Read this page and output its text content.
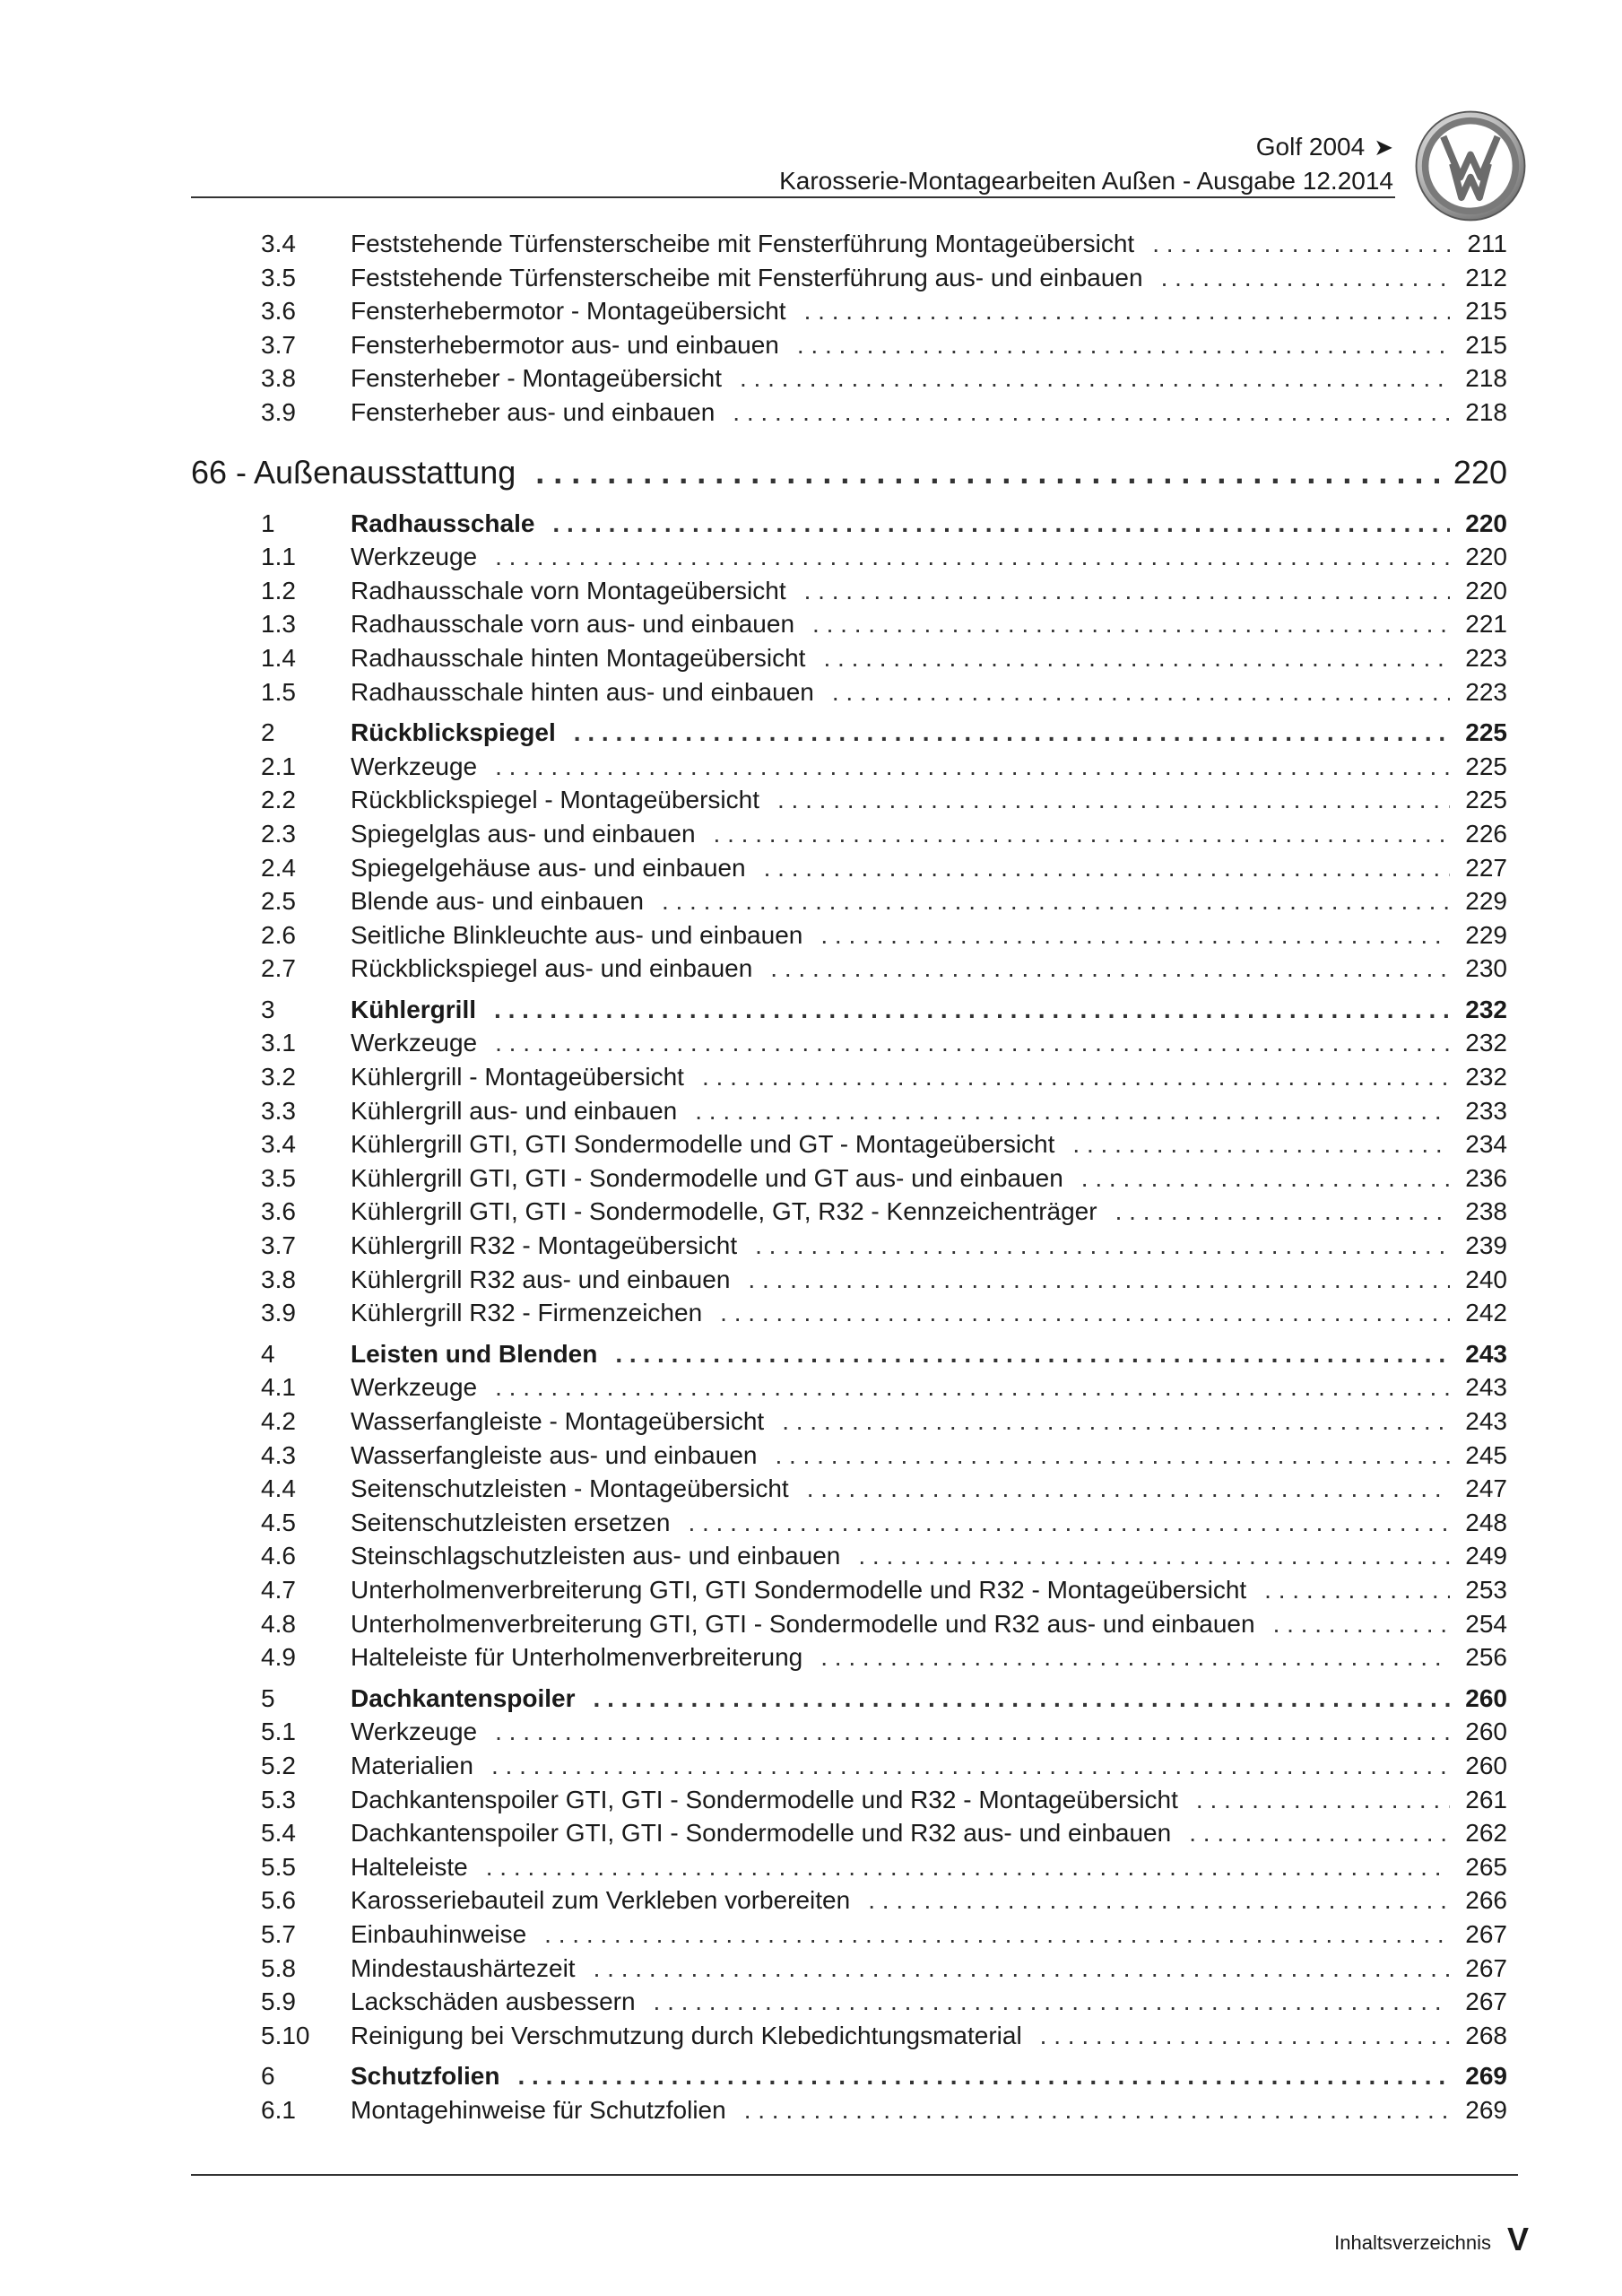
Golf 2004 ➤
Karosserie-Montagearbeiten Außen - Ausgabe 12.2014
3.4	Feststehende Türfensterscheibe mit Fensterführung Montageübersicht . . .	211
3.5	Feststehende Türfensterscheibe mit Fensterführung aus- und einbauen . . .	212
3.6	Fensterhebermotor - Montageübersicht . . .	215
3.7	Fensterhebermotor aus- und einbauen . . .	215
3.8	Fensterheber - Montageübersicht . . .	218
3.9	Fensterheber aus- und einbauen . . .	218
66 - Außenausstattung . . .	220
1	Radhausschale . . .	220
1.1	Werkzeuge . . .	220
1.2	Radhausschale vorn Montageübersicht . . .	220
1.3	Radhausschale vorn aus- und einbauen . . .	221
1.4	Radhausschale hinten Montageübersicht . . .	223
1.5	Radhausschale hinten aus- und einbauen . . .	223
2	Rückblickspiegel . . .	225
2.1	Werkzeuge . . .	225
2.2	Rückblickspiegel - Montageübersicht . . .	225
2.3	Spiegelglas aus- und einbauen . . .	226
2.4	Spiegelgehäuse aus- und einbauen . . .	227
2.5	Blende aus- und einbauen . . .	229
2.6	Seitliche Blinkleuchte aus- und einbauen . . .	229
2.7	Rückblickspiegel aus- und einbauen . . .	230
3	Kühlergrill . . .	232
3.1	Werkzeuge . . .	232
3.2	Kühlergrill - Montageübersicht . . .	232
3.3	Kühlergrill aus- und einbauen . . .	233
3.4	Kühlergrill GTI, GTI Sondermodelle und GT - Montageübersicht . . .	234
3.5	Kühlergrill GTI, GTI - Sondermodelle und GT aus- und einbauen . . .	236
3.6	Kühlergrill GTI, GTI - Sondermodelle, GT, R32 - Kennzeichenträger . . .	238
3.7	Kühlergrill R32 - Montageübersicht . . .	239
3.8	Kühlergrill R32 aus- und einbauen . . .	240
3.9	Kühlergrill R32 - Firmenzeichen . . .	242
4	Leisten und Blenden . . .	243
4.1	Werkzeuge . . .	243
4.2	Wasserfangleiste - Montageübersicht . . .	243
4.3	Wasserfangleiste aus- und einbauen . . .	245
4.4	Seitenschutzleisten - Montageübersicht . . .	247
4.5	Seitenschutzleisten ersetzen . . .	248
4.6	Steinschlagschutzleisten aus- und einbauen . . .	249
4.7	Unterholmenverbreiterung GTI, GTI Sondermodelle und R32 - Montageübersicht . . .	253
4.8	Unterholmenverbreiterung GTI, GTI - Sondermodelle und R32 aus- und einbauen . . .	254
4.9	Halteleiste für Unterholmenverbreiterung . . .	256
5	Dachkantenspoiler . . .	260
5.1	Werkzeuge . . .	260
5.2	Materialien . . .	260
5.3	Dachkantenspoiler GTI, GTI - Sondermodelle und R32 - Montageübersicht . . .	261
5.4	Dachkantenspoiler GTI, GTI - Sondermodelle und R32 aus- und einbauen . . .	262
5.5	Halteleiste . . .	265
5.6	Karosseriebauteil zum Verkleben vorbereiten . . .	266
5.7	Einbauhinweise . . .	267
5.8	Mindestaushärtezeit . . .	267
5.9	Lackschäden ausbessern . . .	267
5.10	Reinigung bei Verschmutzung durch Klebedichtungsmaterial . . .	268
6	Schutzfolien . . .	269
6.1	Montagehinweise für Schutzfolien . . .	269
Inhaltsverzeichnis V
